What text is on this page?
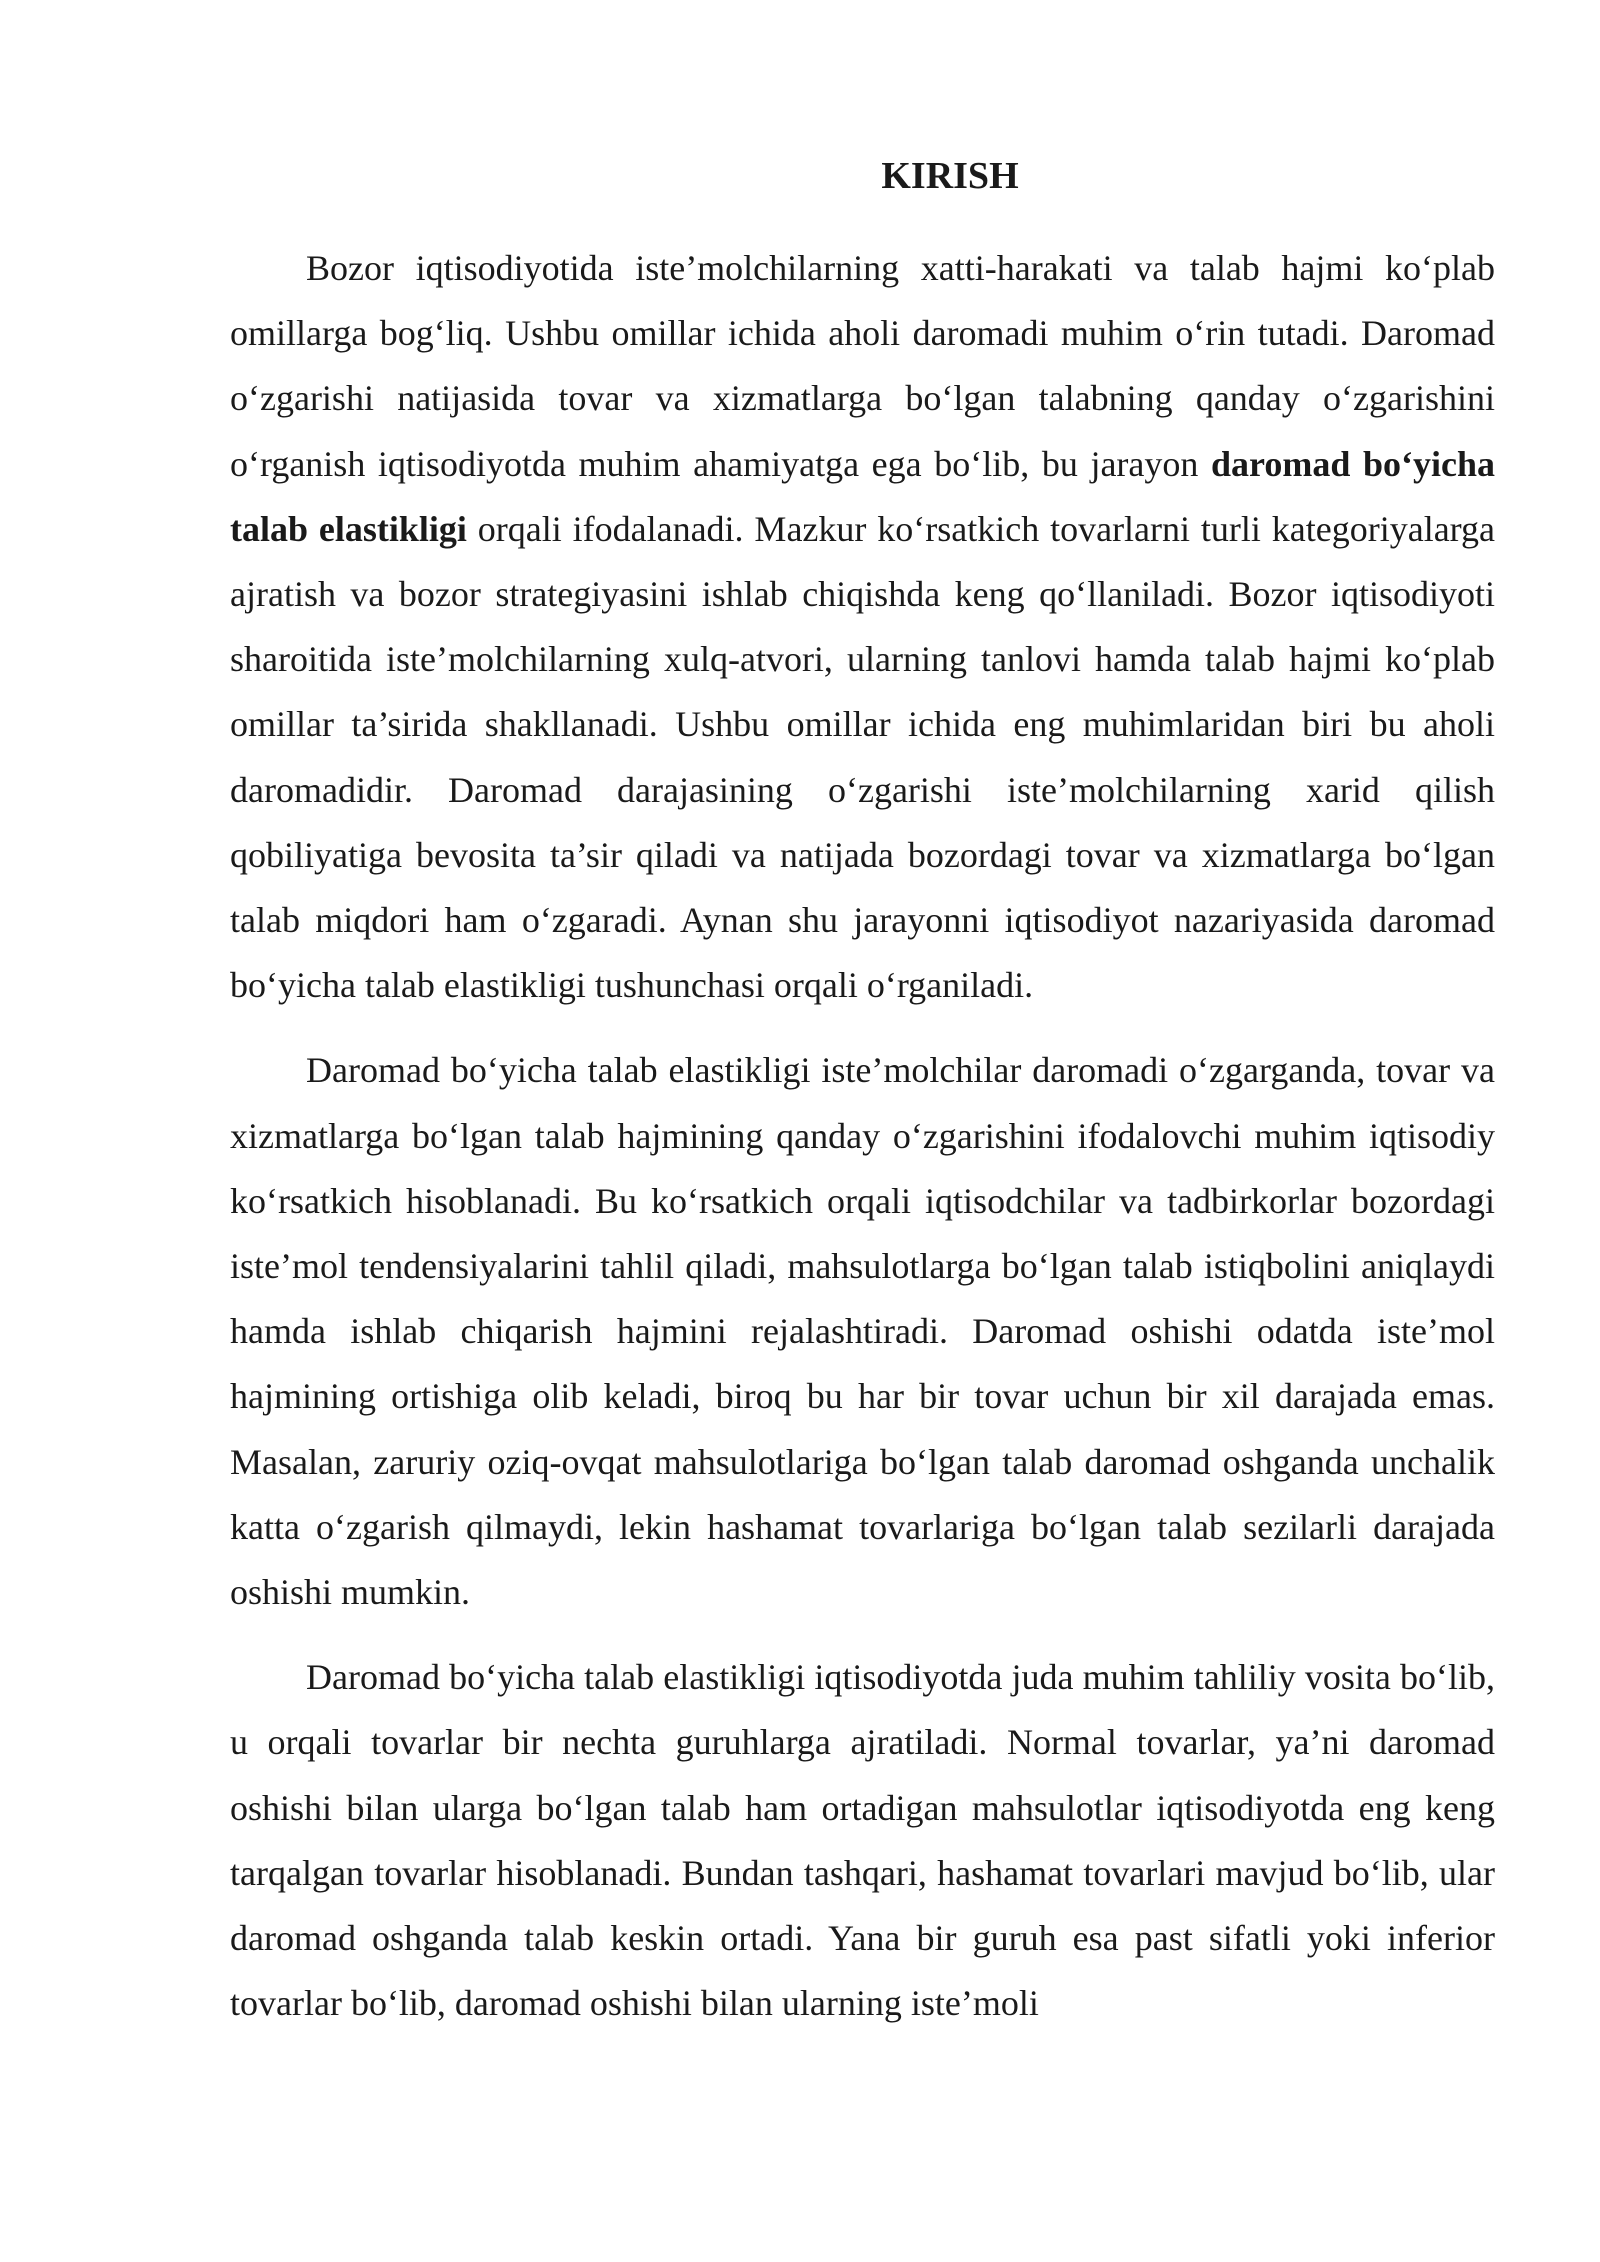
KIRISH

Bozor iqtisodiyotida iste’molchilarning xatti-harakati va talab hajmi ko‘plab omillarga bog‘liq. Ushbu omillar ichida aholi daromadi muhim o‘rin tutadi. Daromad o‘zgarishi natijasida tovar va xizmatlarga bo‘lgan talabning qanday o‘zgarishini o‘rganish iqtisodiyotda muhim ahamiyatga ega bo‘lib, bu jarayon daromad bo‘yicha talab elastikligi orqali ifodalanadi. Mazkur ko‘rsatkich tovarlarni turli kategoriyalarga ajratish va bozor strategiyasini ishlab chiqishda keng qo‘llaniladi. Bozor iqtisodiyoti sharoitida iste’molchilarning xulq-atvori, ularning tanlovi hamda talab hajmi ko‘plab omillar ta’sirida shakllanadi. Ushbu omillar ichida eng muhimlaridan biri bu aholi daromadidir. Daromad darajasining o‘zgarishi iste’molchilarning xarid qilish qobiliyatiga bevosita ta’sir qiladi va natijada bozordagi tovar va xizmatlarga bo‘lgan talab miqdori ham o‘zgaradi. Aynan shu jarayonni iqtisodiyot nazariyasida daromad bo‘yicha talab elastikligi tushunchasi orqali o‘rganiladi.

Daromad bo‘yicha talab elastikligi iste’molchilar daromadi o‘zgarganda, tovar va xizmatlarga bo‘lgan talab hajmining qanday o‘zgarishini ifodalovchi muhim iqtisodiy ko‘rsatkich hisoblanadi. Bu ko‘rsatkich orqali iqtisodchilar va tadbirkorlar bozordagi iste’mol tendensiyalarini tahlil qiladi, mahsulotlarga bo‘lgan talab istiqbolini aniqlaydi hamda ishlab chiqarish hajmini rejalashtiradi. Daromad oshishi odatda iste’mol hajmining ortishiga olib keladi, biroq bu har bir tovar uchun bir xil darajada emas. Masalan, zaruriy oziq-ovqat mahsulotlariga bo‘lgan talab daromad oshganda unchalik katta o‘zgarish qilmaydi, lekin hashamat tovarlariga bo‘lgan talab sezilarli darajada oshishi mumkin.

Daromad bo‘yicha talab elastikligi iqtisodiyotda juda muhim tahliliy vosita bo‘lib, u orqali tovarlar bir nechta guruhlarga ajratiladi. Normal tovarlar, ya’ni daromad oshishi bilan ularga bo‘lgan talab ham ortadigan mahsulotlar iqtisodiyotda eng keng tarqalgan tovarlar hisoblanadi. Bundan tashqari, hashamat tovarlari mavjud bo‘lib, ular daromad oshganda talab keskin ortadi. Yana bir guruh esa past sifatli yoki inferior tovarlar bo‘lib, daromad oshishi bilan ularning iste’moli
